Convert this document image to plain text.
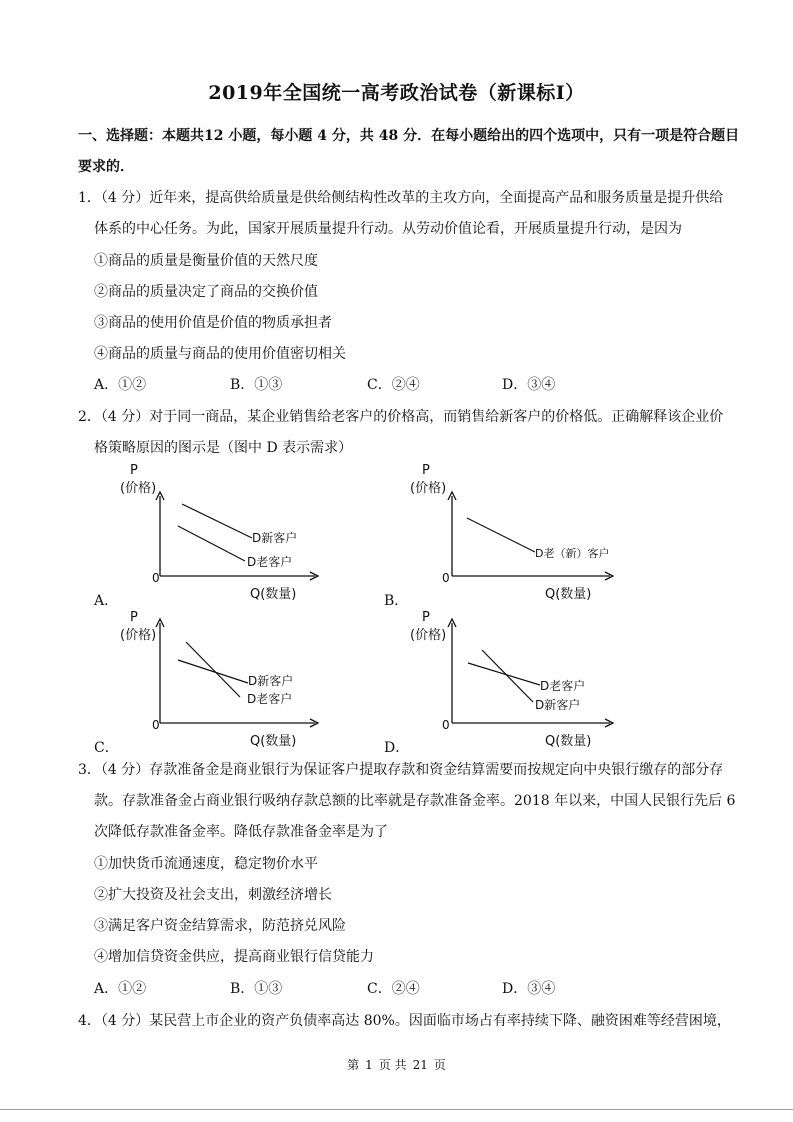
2019年全国统一高考政治试卷（新课标Ⅰ）
一、选择题：本题共12 小题，每小题 4 分，共 48 分．在每小题给出的四个选项中，只有一项是符合题目
要求的．
1．（4 分）近年来，提高供给质量是供给侧结构性改革的主攻方向，全面提高产品和服务质量是提升供给
体系的中心任务。为此，国家开展质量提升行动。从劳动价值论看，开展质量提升行动，是因为
①商品的质量是衡量价值的天然尺度
②商品的质量决定了商品的交换价值
③商品的使用价值是价值的物质承担者
④商品的质量与商品的使用价值密切相关
A．①②	B．①③	C．②④	D．③④
2．（4 分）对于同一商品，某企业销售给老客户的价格高，而销售给新客户的价格低。正确解释该企业价
格策略原因的图示是（图中 D 表示需求）
P
(价格)
0
Q(数量)
D新客户
D老客户
A．
P
(价格)
0
Q(数量)
D老（新）客户
B．
P
(价格)
0
Q(数量)
D新客户
D老客户
C．
P
(价格)
0
Q(数量)
D老客户
D新客户
D．
3．（4 分）存款准备金是商业银行为保证客户提取存款和资金结算需要而按规定向中央银行缴存的部分存
款。存款准备金占商业银行吸纳存款总额的比率就是存款准备金率。2018 年以来，中国人民银行先后 6
次降低存款准备金率。降低存款准备金率是为了
①加快货币流通速度，稳定物价水平
②扩大投资及社会支出，刺激经济增长
③满足客户资金结算需求，防范挤兑风险
④增加信贷资金供应，提高商业银行信贷能力
A．①②	B．①③	C．②④	D．③④
4．（4 分）某民营上市企业的资产负债率高达 80%。因面临市场占有率持续下降、融资困难等经营困境，
第 1 页 共 21 页
